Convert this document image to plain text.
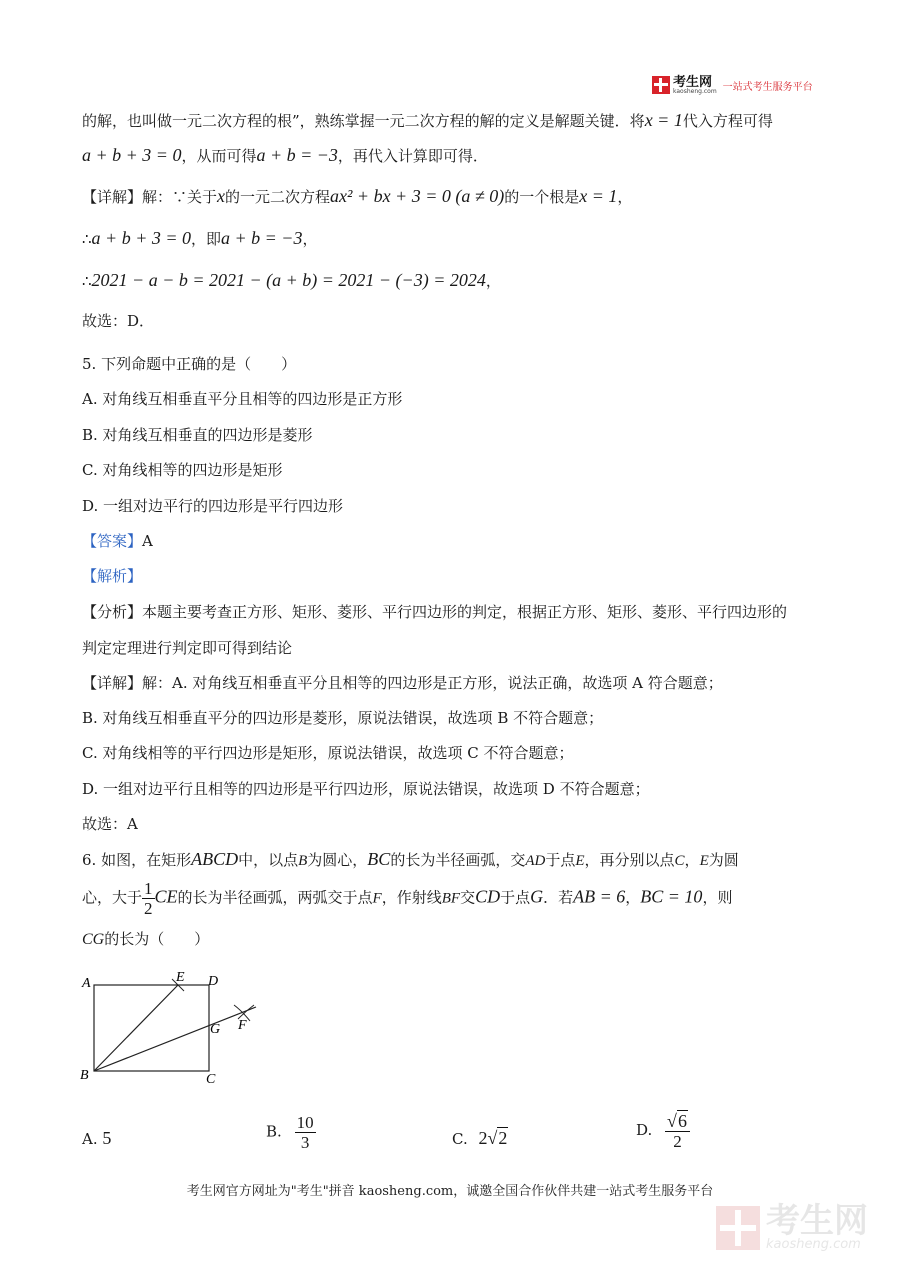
考生网
kaosheng.com 一站式考生服务平台
的解，也叫做一元二次方程的根”，熟练掌握一元二次方程的解的定义是解题关键．将x = 1代入方程可得
a + b + 3 = 0，从而可得a + b = −3，再代入计算即可得．
【详解】解：∵关于x的一元二次方程ax² + bx + 3 = 0 (a ≠ 0)的一个根是x = 1，
∴a + b + 3 = 0，即a + b = −3，
∴2021 − a − b = 2021 − (a + b) = 2021 − (−3) = 2024，
故选：D．
5. 下列命题中正确的是（　　）
A. 对角线互相垂直平分且相等的四边形是正方形
B. 对角线互相垂直的四边形是菱形
C. 对角线相等的四边形是矩形
D. 一组对边平行的四边形是平行四边形
【答案】A
【解析】
【分析】本题主要考查正方形、矩形、菱形、平行四边形的判定，根据正方形、矩形、菱形、平行四边形的
判定定理进行判定即可得到结论
【详解】解：A. 对角线互相垂直平分且相等的四边形是正方形，说法正确，故选项 A 符合题意；
B. 对角线互相垂直平分的四边形是菱形，原说法错误，故选项 B 不符合题意；
C. 对角线相等的平行四边形是矩形，原说法错误，故选项 C 不符合题意；
D. 一组对边平行且相等的四边形是平行四边形，原说法错误，故选项 D 不符合题意；
故选：A
6. 如图，在矩形ABCD中，以点B为圆心，BC的长为半径画弧，交AD于点E，再分别以点C，E为圆
心，大于 $\frac{1}{2}$ CE的长为半径画弧，两弧交于点F，作射线BF交CD于点G．若AB = 6，BC = 10，则
CG的长为（　　）
A	E D
G F
B	C
A. 5	B. $\frac{10}{3}$	C. 2√2	D. $\frac{√6}{2}$
考生网官方网址为"考生"拼音 kaosheng.com，诚邀全国合作伙伴共建一站式考生服务平台
考生网
kaosheng.com
